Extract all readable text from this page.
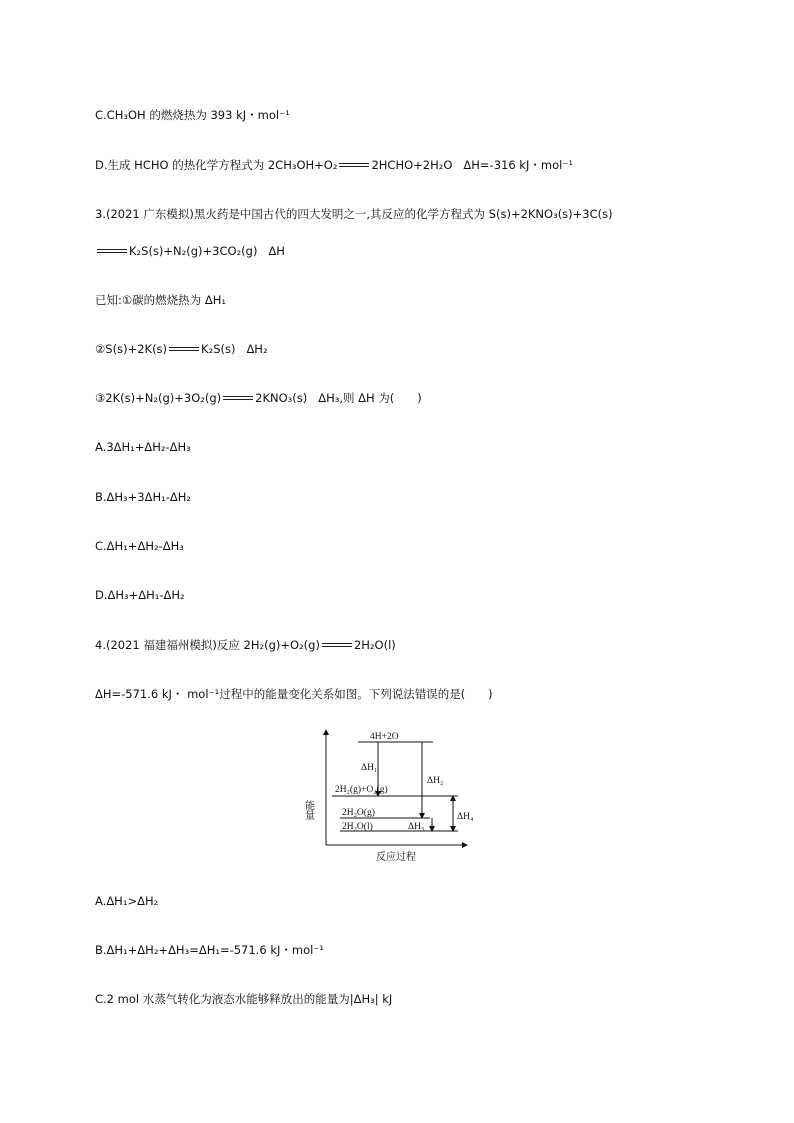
C.CH₃OH 的燃烧热为 393 kJ・mol⁻¹
D.生成 HCHO 的热化学方程式为 2CH₃OH+O₂	2HCHO+2H₂O ΔH=-316 kJ・mol⁻¹
3.(2021 广东模拟)黑火药是中国古代的四大发明之一,其反应的化学方程式为 S(s)+2KNO₃(s)+3C(s)
K₂S(s)+N₂(g)+3CO₂(g) ΔH
已知:①碳的燃烧热为 ΔH₁
②S(s)+2K(s)	K₂S(s) ΔH₂
③2K(s)+N₂(g)+3O₂(g)	2KNO₃(s) ΔH₃,则 ΔH 为(　　)
A.3ΔH₁+ΔH₂-ΔH₃
B.ΔH₃+3ΔH₁-ΔH₂
C.ΔH₁+ΔH₂-ΔH₃
D.ΔH₃+ΔH₁-ΔH₂
4.(2021 福建福州模拟)反应 2H₂(g)+O₂(g)	2H₂O(l)
ΔH=-571.6 kJ・ mol⁻¹过程中的能量变化关系如图。下列说法错误的是(　　)
能量
反应过程
4H+2O
2H₂(g)+O₂(g)
2H₂O(g)
2H₂O(l)
ΔH₁
ΔH₂
ΔH₃
ΔH₄
A.ΔH₁>ΔH₂
B.ΔH₁+ΔH₂+ΔH₃=ΔH₁=-571.6 kJ・mol⁻¹
C.2 mol 水蒸气转化为液态水能够释放出的能量为|ΔH₃| kJ
